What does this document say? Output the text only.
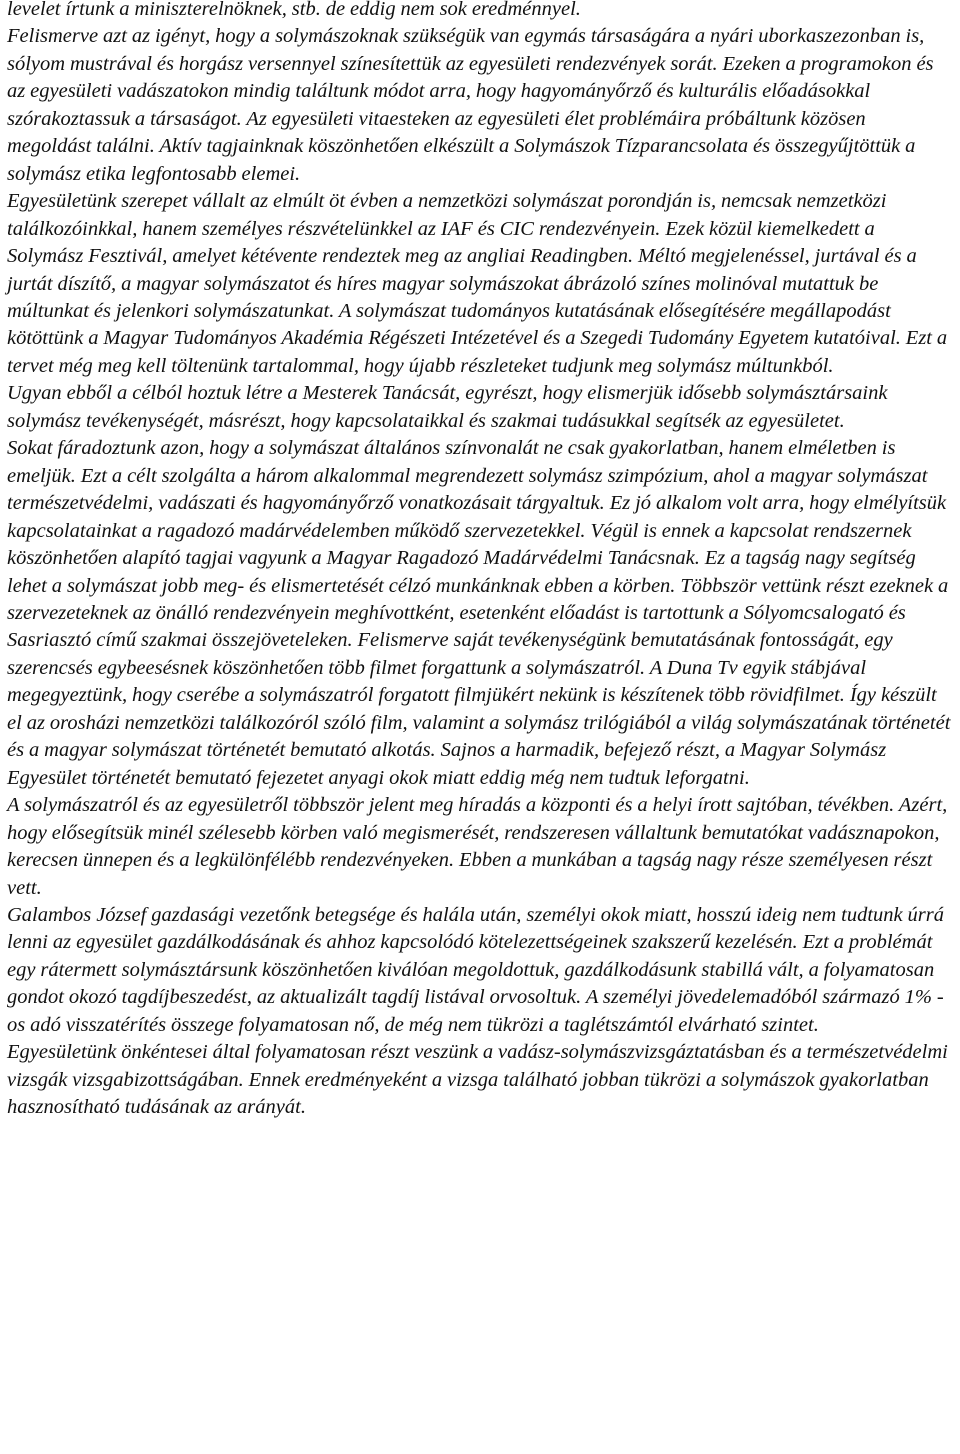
levelet írtunk a miniszterelnöknek, stb. de eddig nem sok eredménnyel.

Felismerve azt az igényt, hogy a solymászoknak szükségük van egymás társaságára a nyári uborkaszezonban is, sólyom mustrával és horgász versennyel színesítettük az egyesületi rendezvények sorát. Ezeken a programokon és az egyesületi vadászatokon mindig találtunk módot arra, hogy hagyományőrző és kulturális előadásokkal szórakoztassuk a társaságot. Az egyesületi vitaesteken az egyesületi élet problémáira próbáltunk közösen megoldást találni. Aktív tagjainknak köszönhetően elkészült a Solymászok Tízparancsolata és összegyűjtöttük a solymász etika legfontosabb elemei.

Egyesületünk szerepet vállalt az elmúlt öt évben a nemzetközi solymászat porondján is, nemcsak nemzetközi találkozóinkkal, hanem személyes részvételünkkel az IAF és CIC rendezvényein. Ezek közül kiemelkedett a Solymász Fesztivál, amelyet kétévente rendeztek meg az angliai Readingben. Méltó megjelenéssel, jurtával és a jurtát díszítő, a magyar solymászatot és híres magyar solymászokat ábrázoló színes molinóval mutattuk be múltunkat és jelenkori solymászatunkat. A solymászat tudományos kutatásának elősegítésére megállapodást kötöttünk a Magyar Tudományos Akadémia Régészeti Intézetével és a Szegedi Tudomány Egyetem kutatóival. Ezt a tervet még meg kell töltenünk tartalommal, hogy újabb részleteket tudjunk meg solymász múltunkból.

Ugyan ebből a célból hoztuk létre a Mesterek Tanácsát, egyrészt, hogy elismerjük idősebb solymásztársaink solymász tevékenységét, másrészt, hogy kapcsolataikkal és szakmai tudásukkal segítsék az egyesületet.

Sokat fáradoztunk azon, hogy a solymászat általános színvonalát ne csak gyakorlatban, hanem elméletben is emeljük. Ezt a célt szolgálta a három alkalommal megrendezett solymász szimpózium, ahol a magyar solymászat természetvédelmi, vadászati és hagyományőrző vonatkozásait tárgyaltuk. Ez jó alkalom volt arra, hogy elmélyítsük kapcsolatainkat a ragadozó madárvédelemben működő szervezetekkel. Végül is ennek a kapcsolat rendszernek köszönhetően alapító tagjai vagyunk a Magyar Ragadozó Madárvédelmi Tanácsnak. Ez a tagság nagy segítség lehet a solymászat jobb meg- és elismertetését célzó munkánknak ebben a körben. Többször vettünk részt ezeknek a szervezeteknek az önálló rendezvényein meghívottként, esetenként előadást is tartottunk a Sólyomcsalogató és Sasriasztó című szakmai összejöveteleken. Felismerve saját tevékenységünk bemutatásának fontosságát, egy szerencsés egybeesésnek köszönhetően több filmet forgattunk a solymászatról. A Duna Tv egyik stábjával megegyeztünk, hogy cserébe a solymászatról forgatott filmjükért nekünk is készítenek több rövidfilmet. Így készült el az orosházi nemzetközi találkozóról szóló film, valamint a solymász trilógiából a világ solymászatának történetét és a magyar solymászat történetét bemutató alkotás. Sajnos a harmadik, befejező részt, a Magyar Solymász Egyesület történetét bemutató fejezetet anyagi okok miatt eddig még nem tudtuk leforgatni.

A solymászatról és az egyesületről többször jelent meg híradás a központi és a helyi írott sajtóban, tévékben. Azért, hogy elősegítsük minél szélesebb körben való megismerését, rendszeresen vállaltunk bemutatókat vadásznapokon, kerecsen ünnepen és a legkülönfélébb rendezvényeken. Ebben a munkában a tagság nagy része személyesen részt vett.

Galambos József gazdasági vezetőnk betegsége és halála után, személyi okok miatt, hosszú ideig nem tudtunk úrrá lenni az egyesület gazdálkodásának és ahhoz kapcsolódó kötelezettségeinek szakszerű kezelésén. Ezt a problémát egy rátermett solymásztársunk köszönhetően kiválóan megoldottuk, gazdálkodásunk stabillá vált, a folyamatosan gondot okozó tagdíjbeszedést, az aktualizált tagdíj listával orvosoltuk. A személyi jövedelemadóból származó 1% -os adó visszatérítés összege folyamatosan nő, de még nem tükrözi a taglétszámtól elvárható szintet.

Egyesületünk önkéntesei által folyamatosan részt veszünk a vadász-solymászvizsgáztatásban és a természetvédelmi vizsgák vizsgabizottságában. Ennek eredményeként a vizsga található jobban tükrözi a solymászok gyakorlatban hasznosítható tudásának az arányát.
